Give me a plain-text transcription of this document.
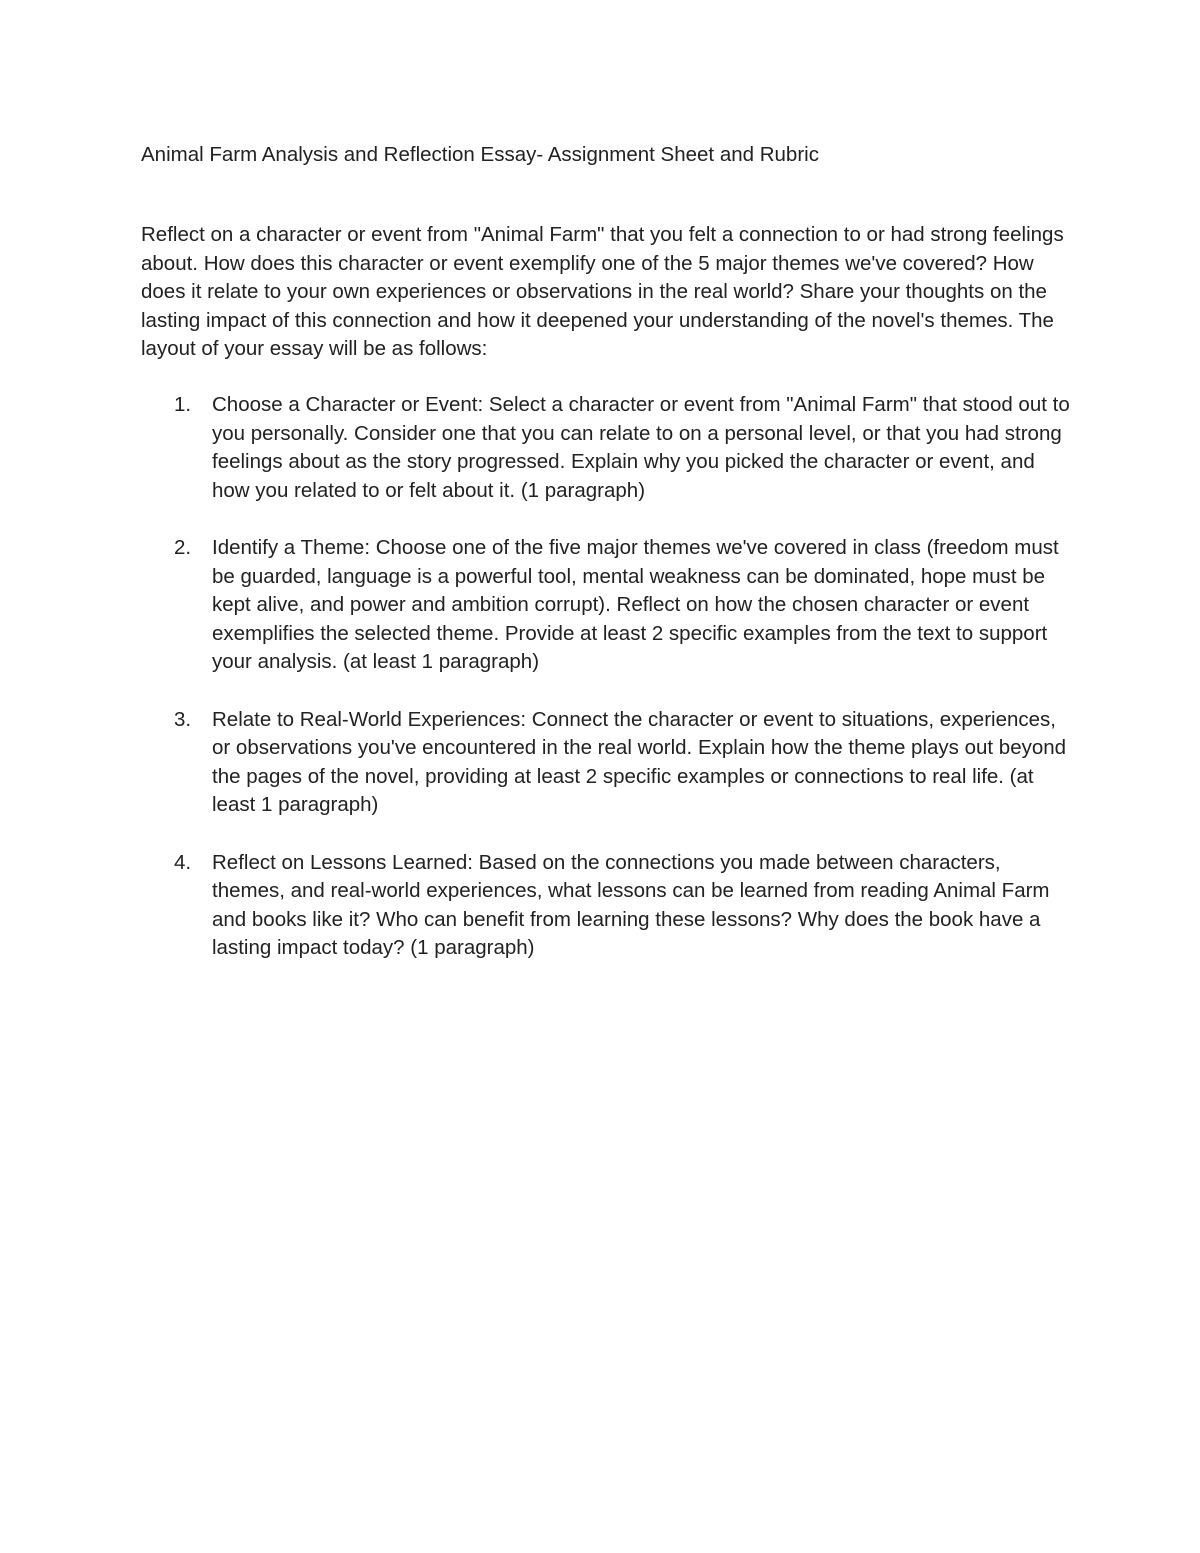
Animal Farm Analysis and Reflection Essay- Assignment Sheet and Rubric

Reflect on a character or event from "Animal Farm" that you felt a connection to or had strong feelings about. How does this character or event exemplify one of the 5 major themes we've covered? How does it relate to your own experiences or observations in the real world? Share your thoughts on the lasting impact of this connection and how it deepened your understanding of the novel's themes. The layout of your essay will be as follows:

1. Choose a Character or Event: Select a character or event from "Animal Farm" that stood out to you personally. Consider one that you can relate to on a personal level, or that you had strong feelings about as the story progressed. Explain why you picked the character or event, and how you related to or felt about it. (1 paragraph)
2. Identify a Theme: Choose one of the five major themes we've covered in class (freedom must be guarded, language is a powerful tool, mental weakness can be dominated, hope must be kept alive, and power and ambition corrupt). Reflect on how the chosen character or event exemplifies the selected theme. Provide at least 2 specific examples from the text to support your analysis. (at least 1 paragraph)
3. Relate to Real-World Experiences: Connect the character or event to situations, experiences, or observations you've encountered in the real world. Explain how the theme plays out beyond the pages of the novel, providing at least 2 specific examples or connections to real life. (at least 1 paragraph)
4. Reflect on Lessons Learned: Based on the connections you made between characters, themes, and real-world experiences, what lessons can be learned from reading Animal Farm and books like it? Who can benefit from learning these lessons? Why does the book have a lasting impact today? (1 paragraph)
